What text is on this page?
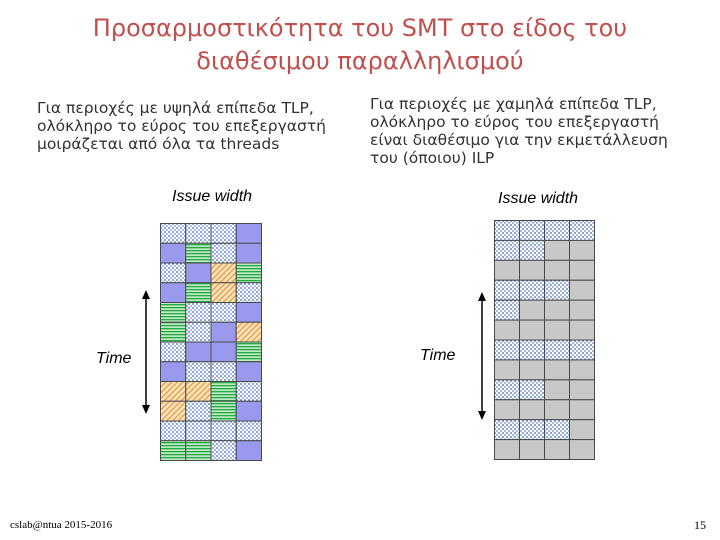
Προσαρμοστικότητα του SMT στο είδος του
διαθέσιμου παραλληλισμού
Για περιοχές με υψηλά επίπεδα TLP,
ολόκληρο το εύρος του επεξεργαστή
μοιράζεται από όλα τα threads
Για περιοχές με χαμηλά επίπεδα TLP,
ολόκληρο το εύρος του επεξεργαστή
είναι διαθέσιμο για την εκμετάλλευση
του (όποιου) ILP
Issue width	Issue width
Time	Time
cslab@ntua 2015-2016	15
